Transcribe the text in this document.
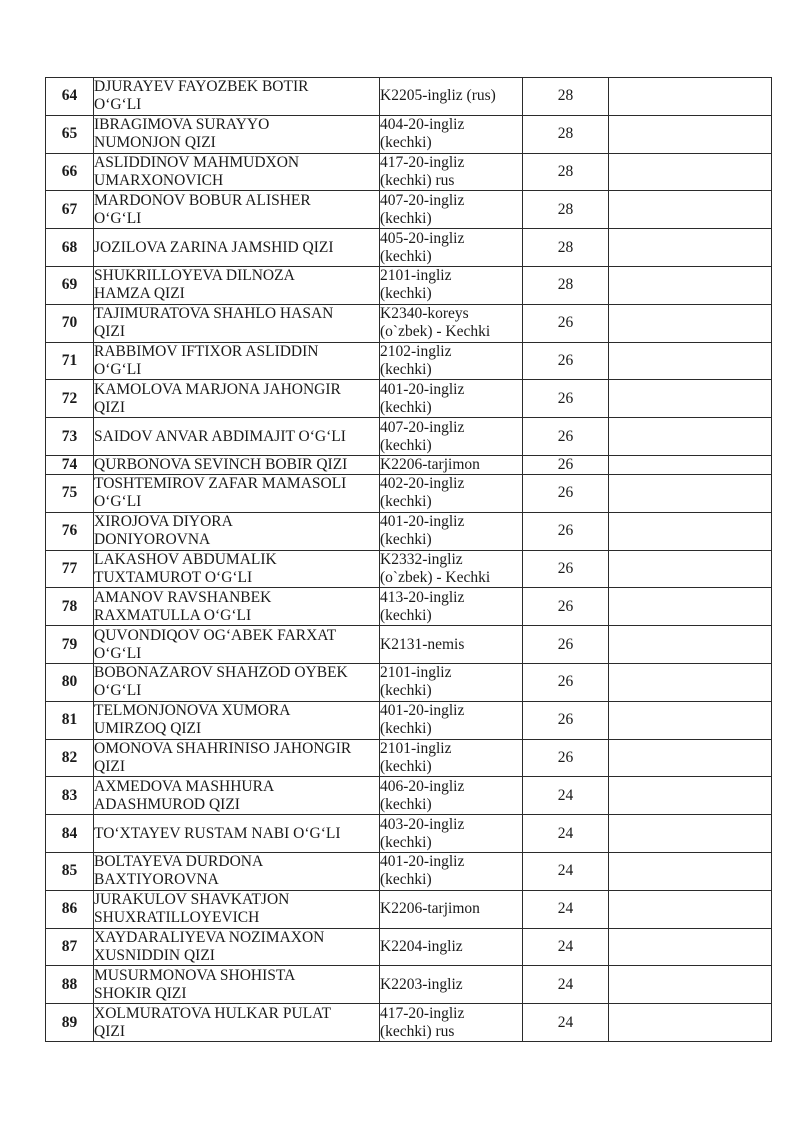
64	DJURAYEV FAYOZBEK BOTIR
O‘G‘LI	K2205-ingliz (rus)	28	
65	IBRAGIMOVA SURAYYO
NUMONJON QIZI	404-20-ingliz
(kechki)	28	
66	ASLIDDINOV MAHMUDXON
UMARXONOVICH	417-20-ingliz
(kechki) rus	28	
67	MARDONOV BOBUR ALISHER
O‘G‘LI	407-20-ingliz
(kechki)	28	
68	JOZILOVA ZARINA JAMSHID QIZI	405-20-ingliz
(kechki)	28	
69	SHUKRILLOYEVA DILNOZA
HAMZA QIZI	2101-ingliz
(kechki)	28	
70	TAJIMURATOVA SHAHLO HASAN
QIZI	K2340-koreys
(o`zbek) - Kechki	26	
71	RABBIMOV IFTIXOR ASLIDDIN
O‘G‘LI	2102-ingliz
(kechki)	26	
72	KAMOLOVA MARJONA JAHONGIR
QIZI	401-20-ingliz
(kechki)	26	
73	SAIDOV ANVAR ABDIMAJIT O‘G‘LI	407-20-ingliz
(kechki)	26	
74	QURBONOVA SEVINCH BOBIR QIZI	K2206-tarjimon	26	
75	TOSHTEMIROV ZAFAR MAMASOLI
O‘G‘LI	402-20-ingliz
(kechki)	26	
76	XIROJOVA DIYORA
DONIYOROVNA	401-20-ingliz
(kechki)	26	
77	LAKASHOV ABDUMALIK
TUXTAMUROT O‘G‘LI	K2332-ingliz
(o`zbek) - Kechki	26	
78	AMANOV RAVSHANBEK
RAXMATULLA O‘G‘LI	413-20-ingliz
(kechki)	26	
79	QUVONDIQOV OG‘ABEK FARXAT
O‘G‘LI	K2131-nemis	26	
80	BOBONAZAROV SHAHZOD OYBEK
O‘G‘LI	2101-ingliz
(kechki)	26	
81	TELMONJONOVA XUMORA
UMIRZOQ QIZI	401-20-ingliz
(kechki)	26	
82	OMONOVA SHAHRINISO JAHONGIR
QIZI	2101-ingliz
(kechki)	26	
83	AXMEDOVA MASHHURA
ADASHMUROD QIZI	406-20-ingliz
(kechki)	24	
84	TO‘XTAYEV RUSTAM NABI O‘G‘LI	403-20-ingliz
(kechki)	24	
85	BOLTAYEVA DURDONA
BAXTIYOROVNA	401-20-ingliz
(kechki)	24	
86	JURAKULOV SHAVKATJON
SHUXRATILLOYEVICH	K2206-tarjimon	24	
87	XAYDARALIYEVA NOZIMAXON
XUSNIDDIN QIZI	K2204-ingliz	24	
88	MUSURMONOVA SHOHISTA
SHOKIR QIZI	K2203-ingliz	24	
89	XOLMURATOVA HULKAR PULAT
QIZI	417-20-ingliz
(kechki) rus	24	
